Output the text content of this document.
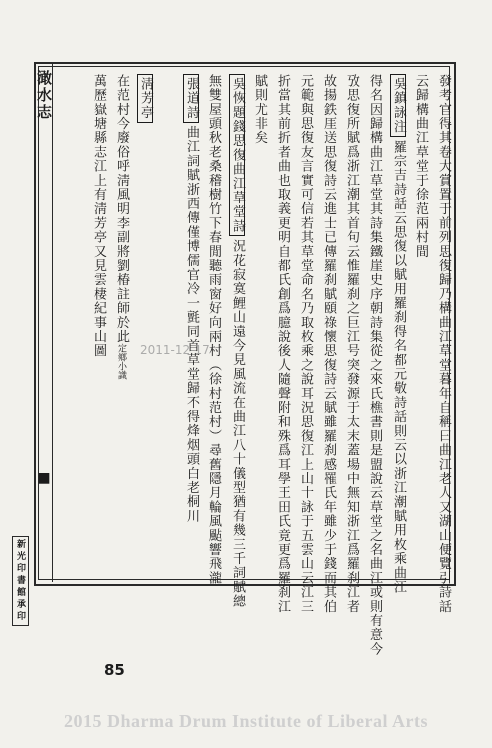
澉水志
■	發考官得其卷大賞置于前列思復歸乃構曲江草堂暮年自稱曰曲江老人又湖山便覽引詩話
云歸構曲江草堂于徐范兩村間
吳鎮詠注羅宗吉詩話云思復以賦用羅刹得名都元敬詩話則云以浙江潮賦用枚乘曲江
得名因歸構曲江草堂其詩集鐵崖史序朝詩集從之來氏樵書則是盟說云草堂之名曲江或則有意今
攷思復所賦爲浙江潮其首句云惟羅刹之巨江号突發源于太末蓋場中無知浙江爲羅刹江者
故揚鉄厓送思復詩云進士已傳羅刹賦頤祿懷思復詩云賦雖羅刹感罹氏年雖少于錢而其伯
元範與思復友言實可信若其草堂命名乃取枚乘之說耳況思復江上山十詠于五雲山云江三
折當其前折者曲也取義更明自都氏創爲臆說後人隨聲附和殊爲耳學王田氏竟更爲羅刹江
賦則尤非矣
吳恢題錢思復曲江草堂詩況花寂寞鯉山遠今見風流在曲江八十儀型猶有幾三千詞賦總
無雙屋頭秋老桑稽樹竹下春閒聽雨窗好向兩村（徐村范村）尋舊隱月輪風颭響飛瀧
張道詩曲江詞賦浙西傳僅博儒官冷一氈同首草堂歸不得烽烟頭白老桐川
淸芳亭
在范村今廢俗呼淸風明李副將劉椿註師於此定鄉小識
萬歷嶽塘縣志江上有淸芳亭又見雲棲紀事山圖
新光印書館承印
85
2011-12-17
2015 Dharma Drum Institute of Liberal Arts
